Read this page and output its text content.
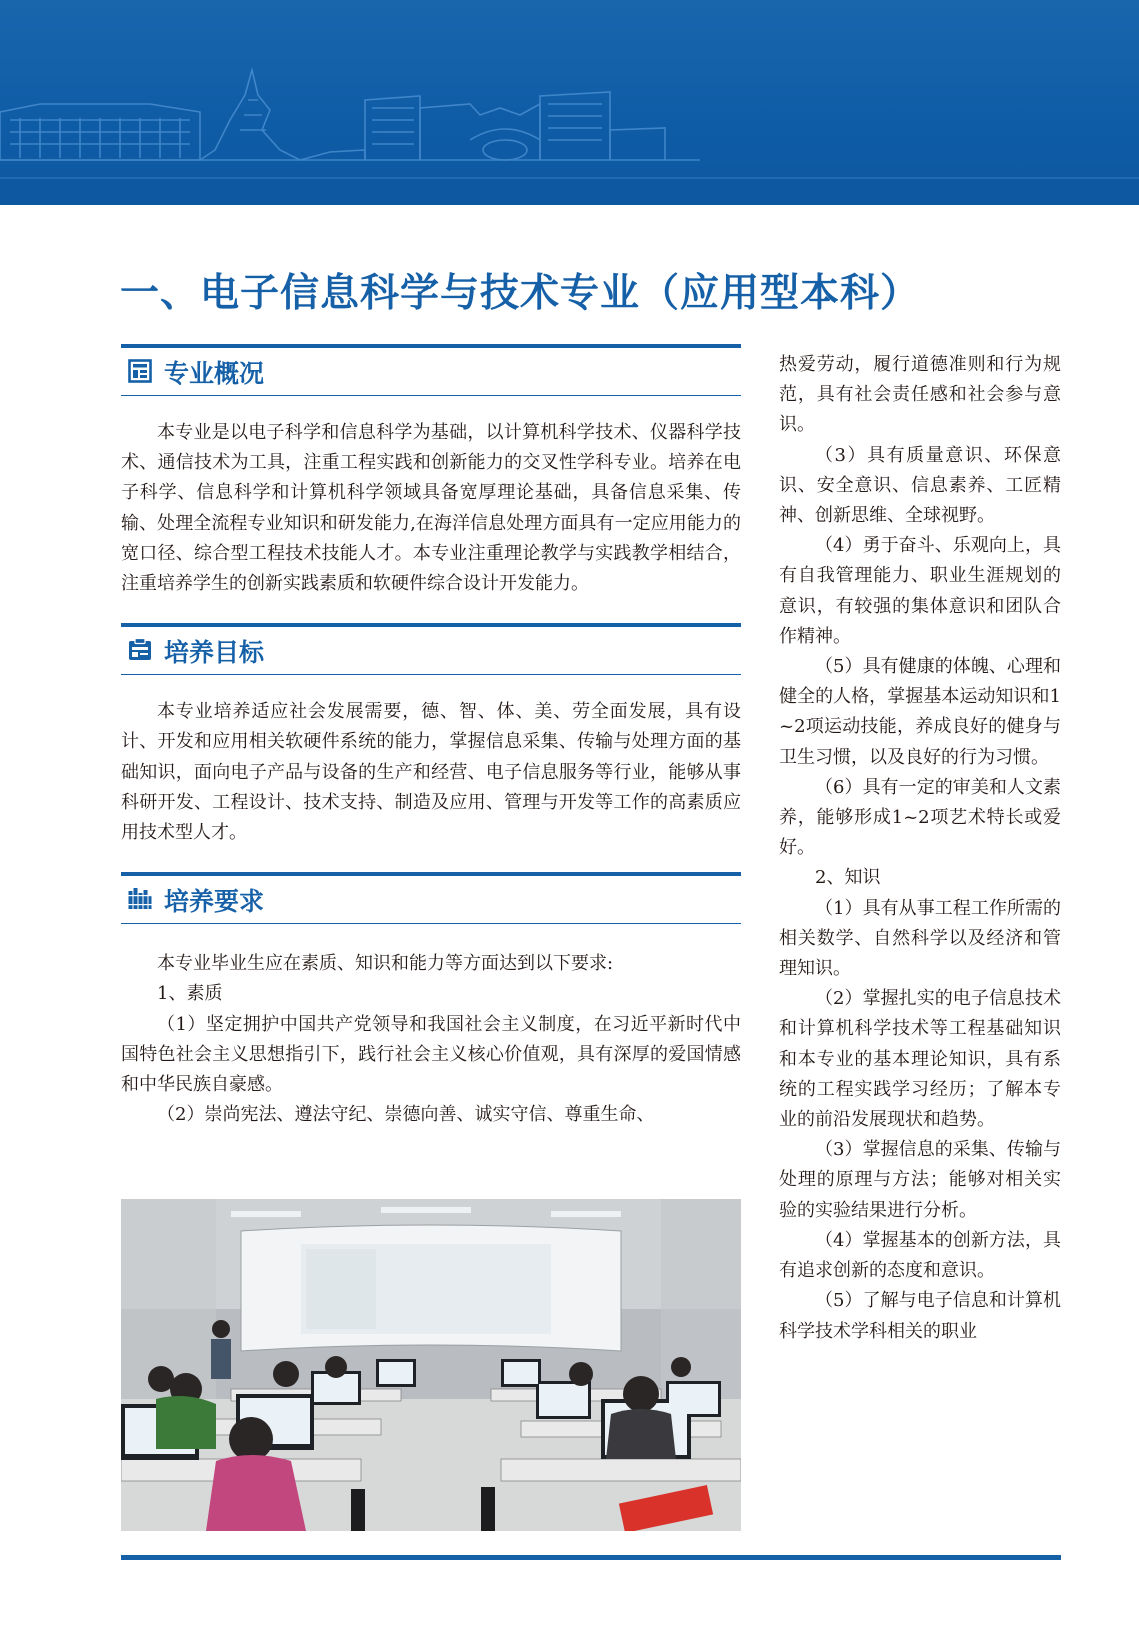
一、电子信息科学与技术专业（应用型本科）
专业概况

本专业是以电子科学和信息科学为基础，以计算机科学技术、仪器科学技术、通信技术为工具，注重工程实践和创新能力的交叉性学科专业。培养在电子科学、信息科学和计算机科学领域具备宽厚理论基础，具备信息采集、传输、处理全流程专业知识和研发能力,在海洋信息处理方面具有一定应用能力的宽口径、综合型工程技术技能人才。本专业注重理论教学与实践教学相结合，注重培养学生的创新实践素质和软硬件综合设计开发能力。

培养目标

本专业培养适应社会发展需要，德、智、体、美、劳全面发展，具有设计、开发和应用相关软硬件系统的能力，掌握信息采集、传输与处理方面的基础知识，面向电子产品与设备的生产和经营、电子信息服务等行业，能够从事科研开发、工程设计、技术支持、制造及应用、管理与开发等工作的高素质应用技术型人才。

培养要求

本专业毕业生应在素质、知识和能力等方面达到以下要求:

1、素质

（1）坚定拥护中国共产党领导和我国社会主义制度，在习近平新时代中国特色社会主义思想指引下，践行社会主义核心价值观，具有深厚的爱国情感和中华民族自豪感。

（2）崇尚宪法、遵法守纪、崇德向善、诚实守信、尊重生命、

热爱劳动，履行道德准则和行为规范，具有社会责任感和社会参与意识。

（3）具有质量意识、环保意识、安全意识、信息素养、工匠精神、创新思维、全球视野。

（4）勇于奋斗、乐观向上，具有自我管理能力、职业生涯规划的意识，有较强的集体意识和团队合作精神。

（5）具有健康的体魄、心理和健全的人格，掌握基本运动知识和1 ~2项运动技能，养成良好的健身与卫生习惯，以及良好的行为习惯。

（6）具有一定的审美和人文素养，能够形成1~2项艺术特长或爱好。

2、知识

（1）具有从事工程工作所需的相关数学、自然科学以及经济和管理知识。

（2）掌握扎实的电子信息技术和计算机科学技术等工程基础知识和本专业的基本理论知识，具有系统的工程实践学习经历；了解本专业的前沿发展现状和趋势。

（3）掌握信息的采集、传输与处理的原理与方法；能够对相关实验的实验结果进行分析。

（4）掌握基本的创新方法，具有追求创新的态度和意识。

（5）了解与电子信息和计算机科学技术学科相关的职业
